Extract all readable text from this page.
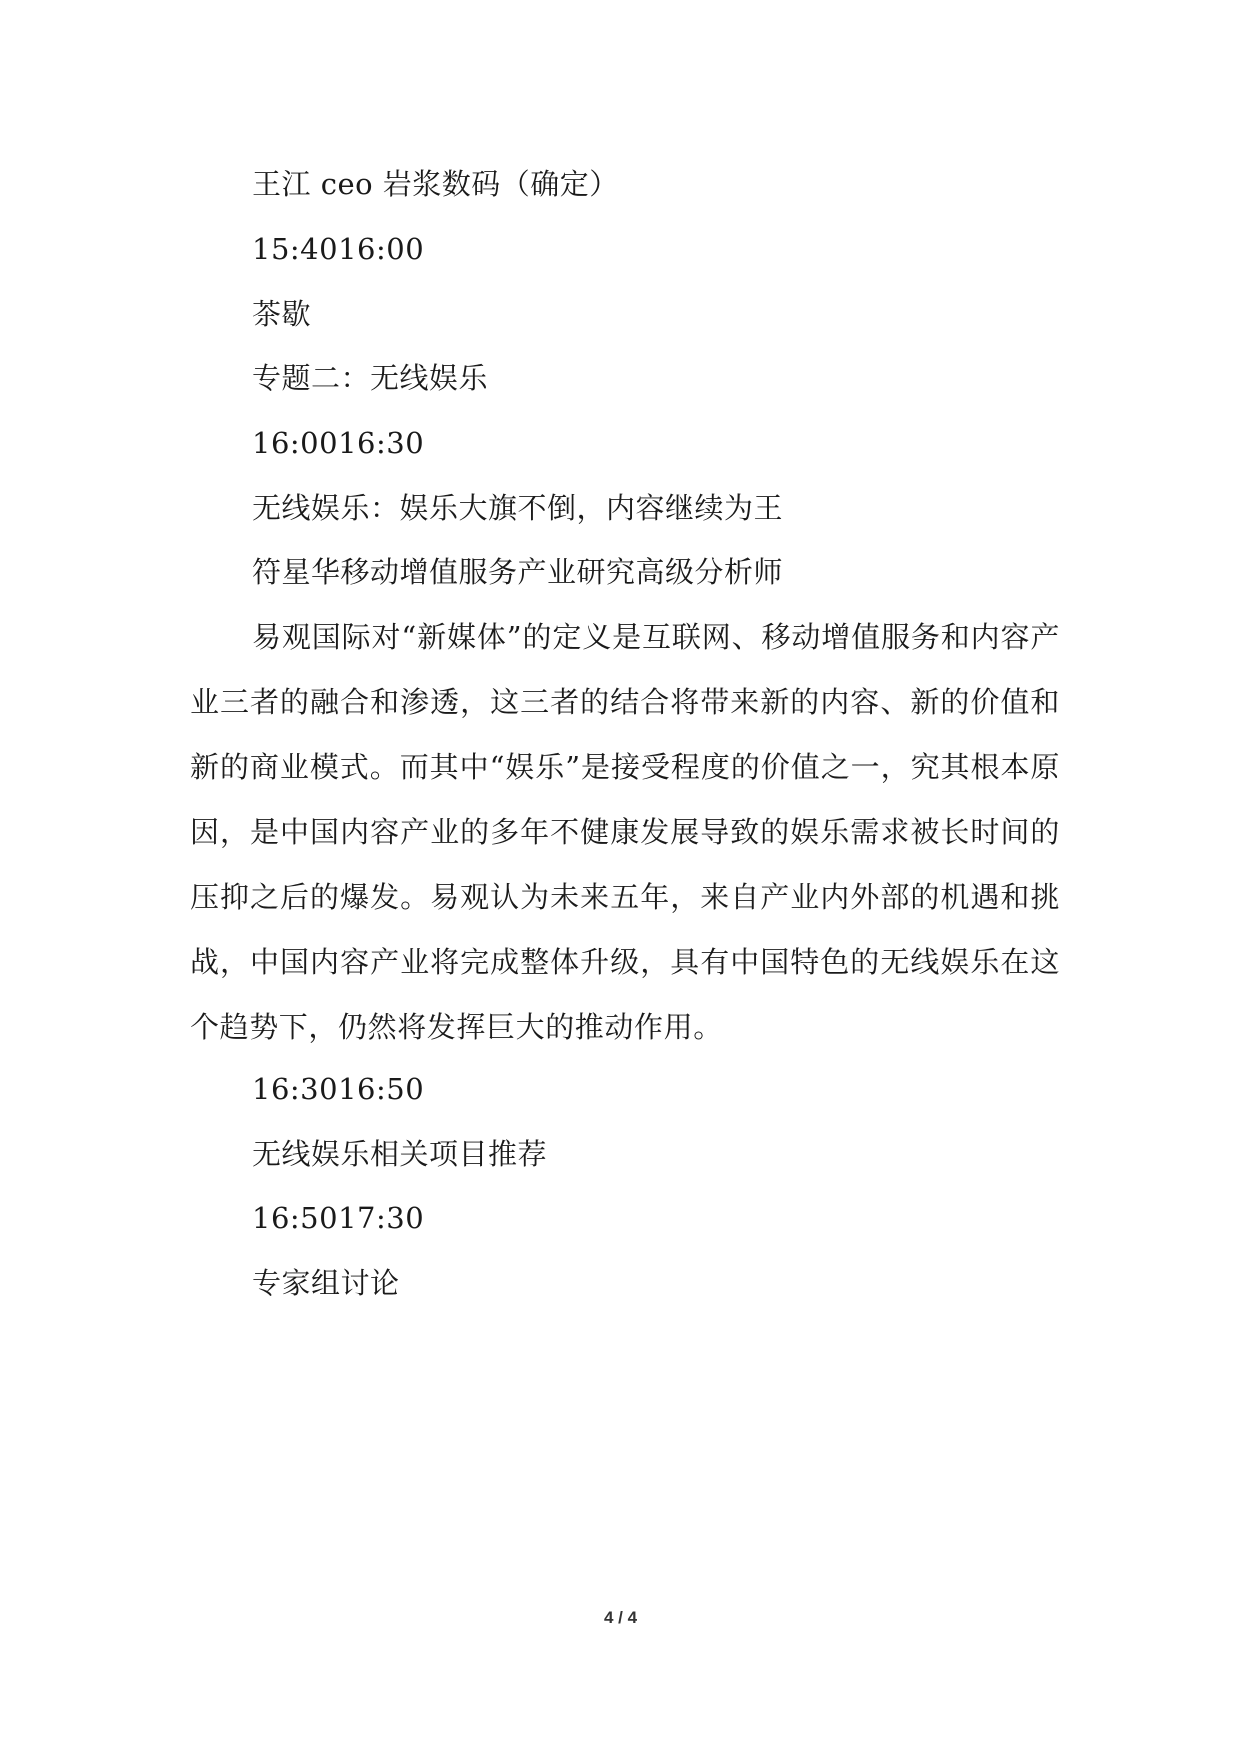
王江 ceo 岩浆数码（确定）
15:4016:00
茶歇
专题二：无线娱乐
16:0016:30
无线娱乐：娱乐大旗不倒，内容继续为王
符星华移动增值服务产业研究高级分析师
易观国际对“新媒体”的定义是互联网、移动增值服务和内容产业三者的融合和渗透，这三者的结合将带来新的内容、新的价值和新的商业模式。而其中“娱乐”是接受程度的价值之一，究其根本原因，是中国内容产业的多年不健康发展导致的娱乐需求被长时间的压抑之后的爆发。易观认为未来五年，来自产业内外部的机遇和挑战，中国内容产业将完成整体升级，具有中国特色的无线娱乐在这个趋势下，仍然将发挥巨大的推动作用。
16:3016:50
无线娱乐相关项目推荐
16:5017:30
专家组讨论
4 / 4
